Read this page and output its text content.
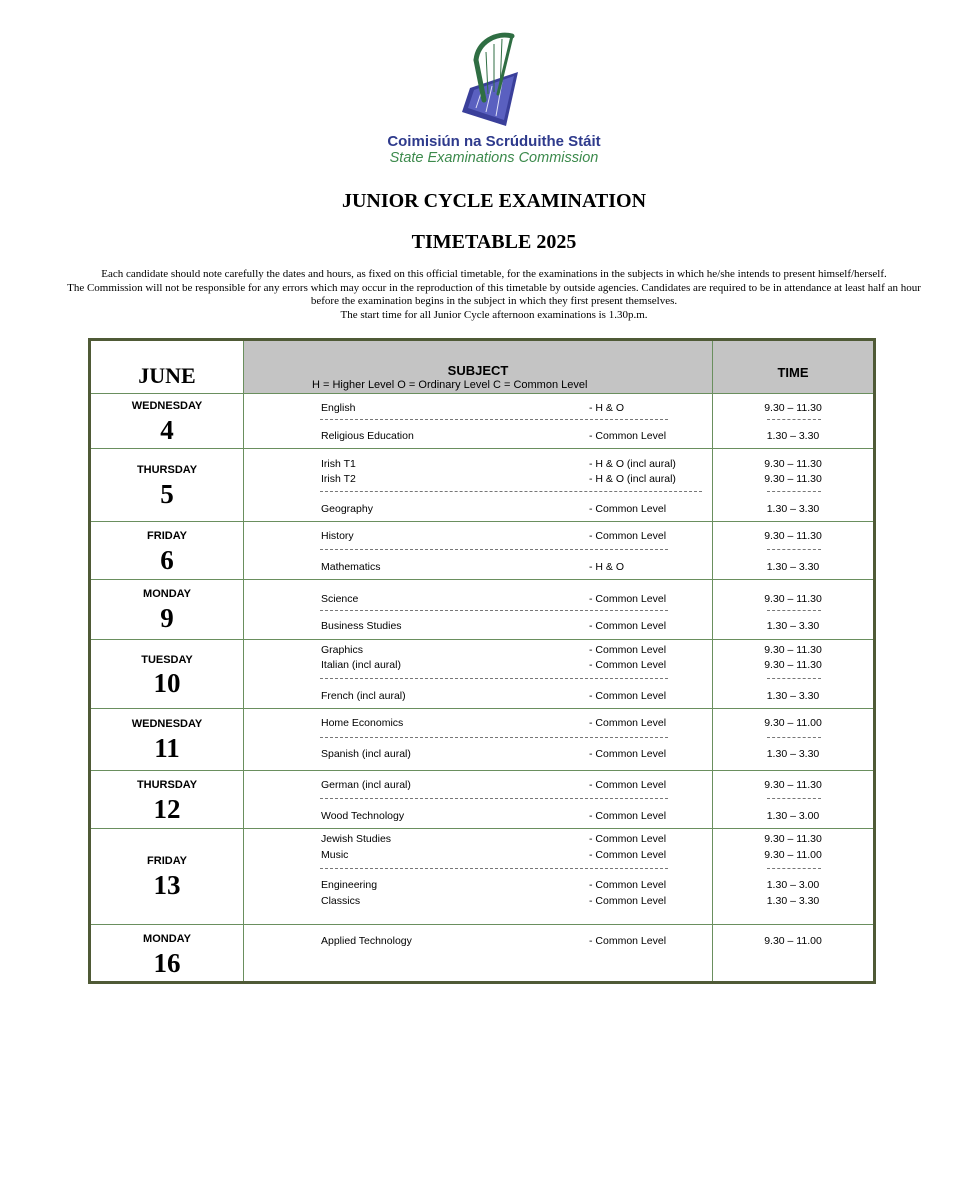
Coimisiún na Scrúduithe Stáit
State Examinations Commission
JUNIOR CYCLE EXAMINATION
TIMETABLE 2025

Each candidate should note carefully the dates and hours, as fixed on this official timetable, for the examinations in the subjects in which he/she intends to present himself/herself.

The Commission will not be responsible for any errors which may occur in the reproduction of this timetable by outside agencies. Candidates are required to be in attendance at least half an hour before the examination begins in the subject in which they first present themselves.

The start time for all Junior Cycle afternoon examinations is 1.30p.m.

JUNE	SUBJECT
H = Higher Level O = Ordinary Level C = Common Level
TIME
WEDNESDAY
4
English	- H & O	9.30 – 11.30
Religious Education	- Common Level	1.30 – 3.30
THURSDAY
5
Irish T1	- H & O (incl aural)	9.30 – 11.30
Irish T2	- H & O (incl aural)	9.30 – 11.30
Geography	- Common Level	1.30 – 3.30
FRIDAY
6
History	- Common Level	9.30 – 11.30
Mathematics	- H & O	1.30 – 3.30
MONDAY
9
Science	- Common Level	9.30 – 11.30
Business Studies	- Common Level	1.30 – 3.30
TUESDAY
10
Graphics	- Common Level	9.30 – 11.30
Italian (incl aural)	- Common Level	9.30 – 11.30
French (incl aural)	- Common Level	1.30 – 3.30
WEDNESDAY
11
Home Economics	- Common Level	9.30 – 11.00
Spanish (incl aural)	- Common Level	1.30 – 3.30
THURSDAY
12
German (incl aural)	- Common Level	9.30 – 11.30
Wood Technology	- Common Level	1.30 – 3.00
FRIDAY
13
Jewish Studies	- Common Level	9.30 – 11.30
Music	- Common Level	9.30 – 11.00
Engineering	- Common Level	1.30 – 3.00
Classics	- Common Level	1.30 – 3.30
MONDAY
16
Applied Technology	- Common Level	9.30 – 11.00
